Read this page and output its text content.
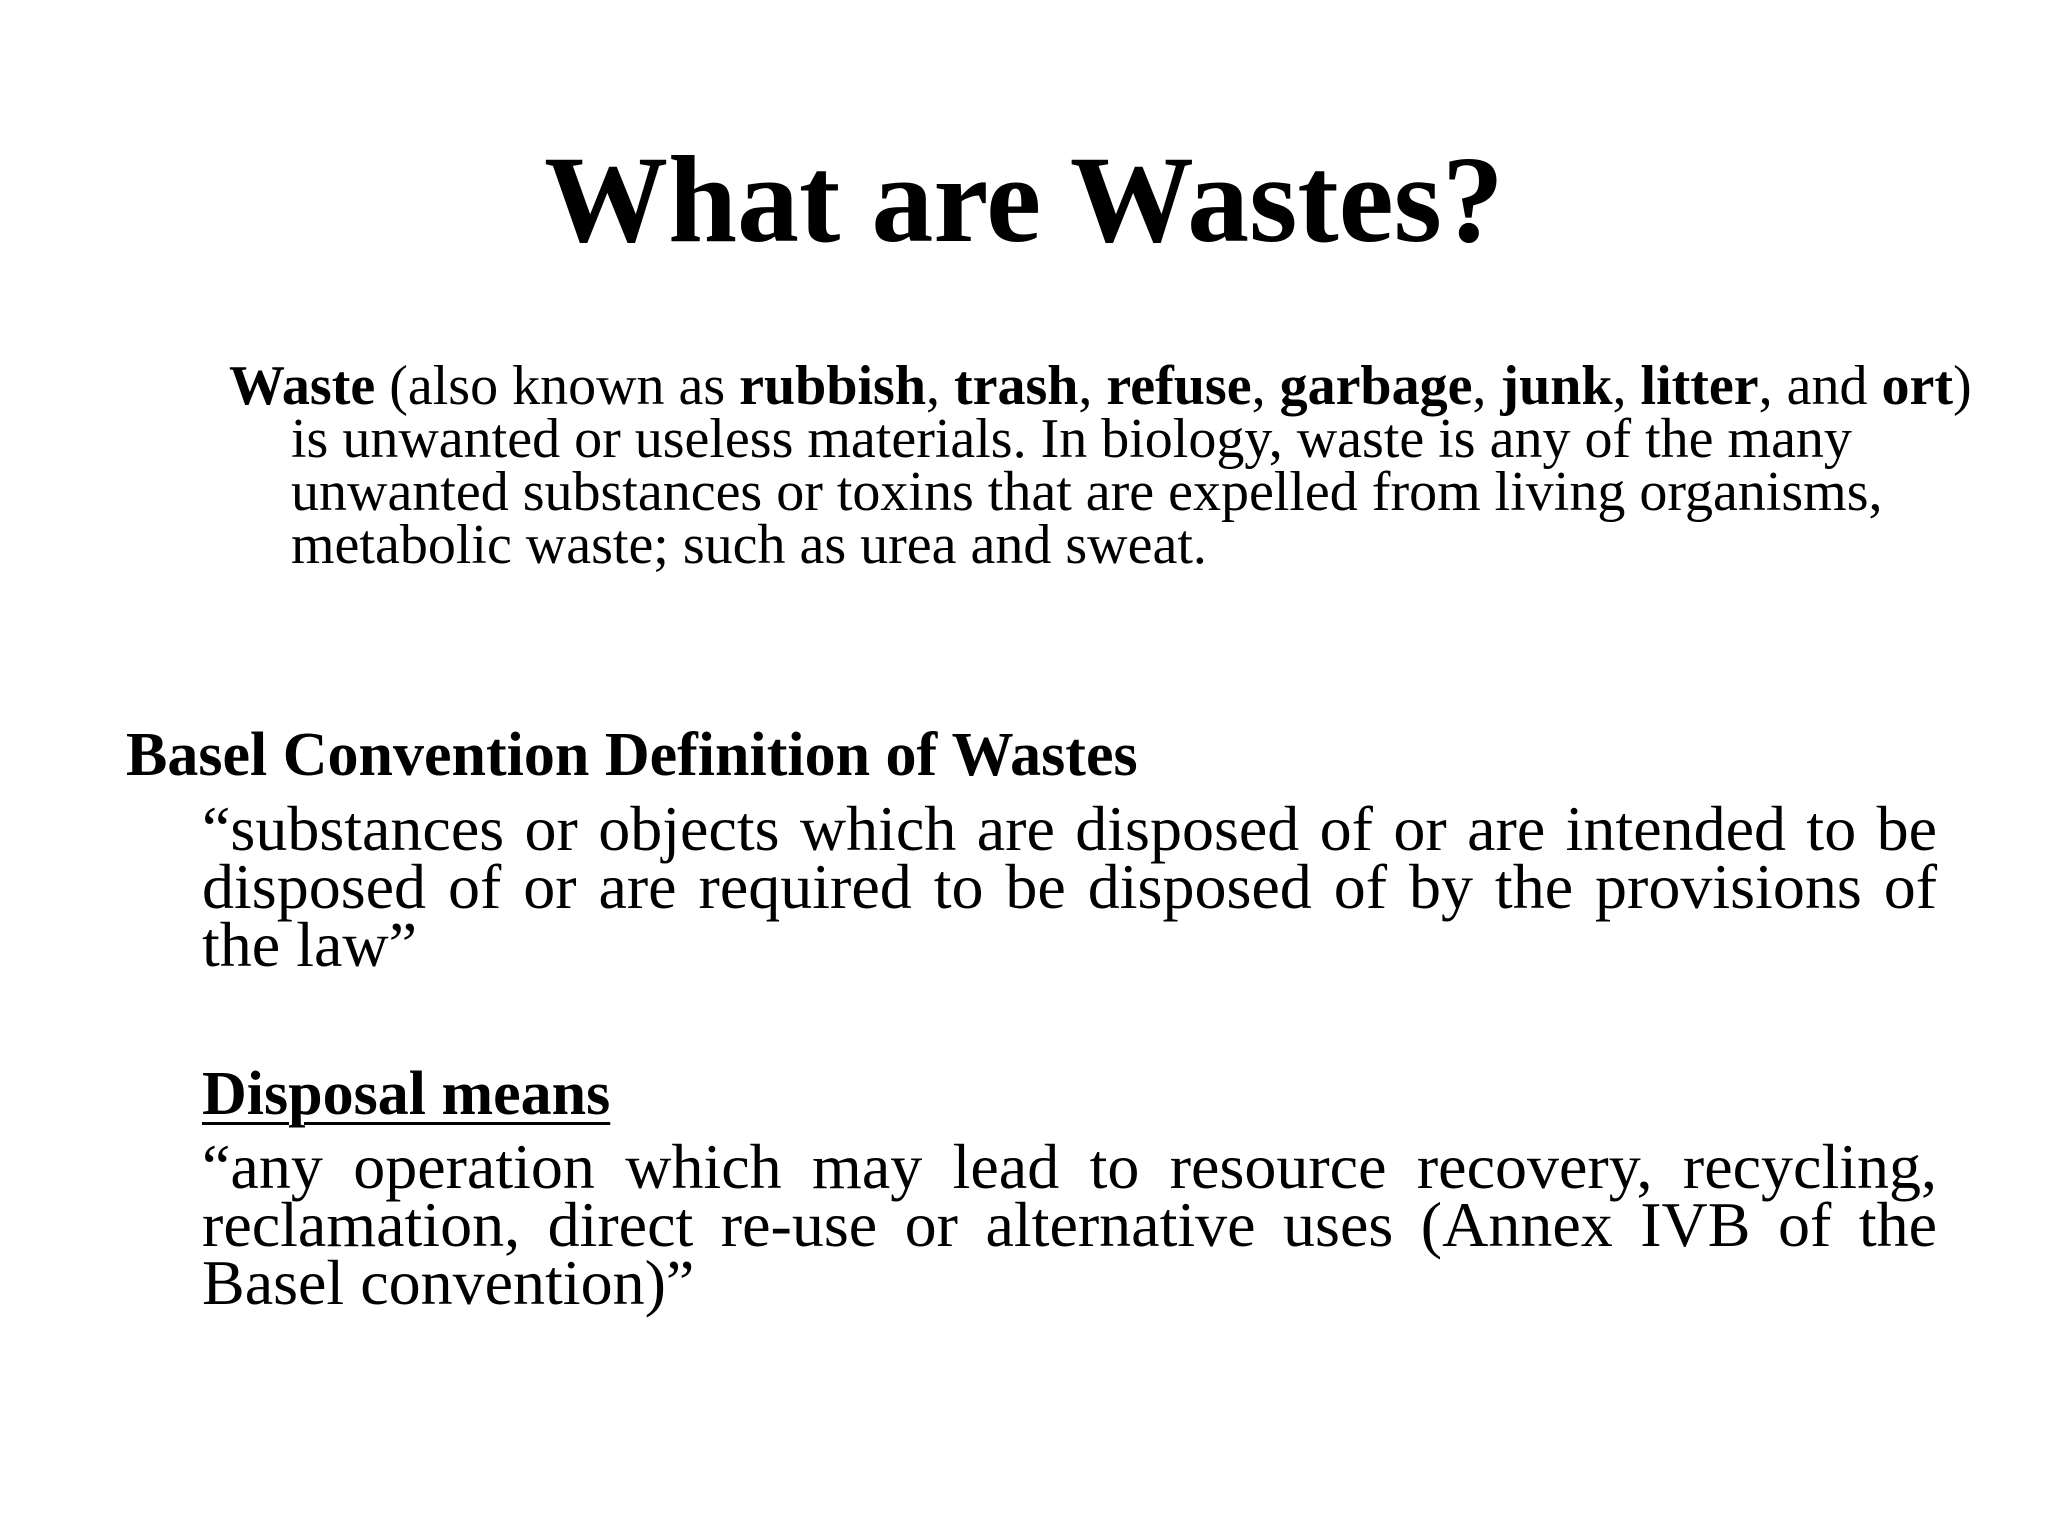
What are Wastes?

Waste (also known as rubbish, trash, refuse, garbage, junk, litter, and ort) is unwanted or useless materials. In biology, waste is any of the many unwanted substances or toxins that are expelled from living organisms, metabolic waste; such as urea and sweat.

Basel Convention Definition of Wastes

“substances or objects which are disposed of or are intended to be disposed of or are required to be disposed of by the provisions of the law”

Disposal means

“any operation which may lead to resource recovery, recycling, reclamation, direct re-use or alternative uses (Annex IVB of the Basel convention)”
